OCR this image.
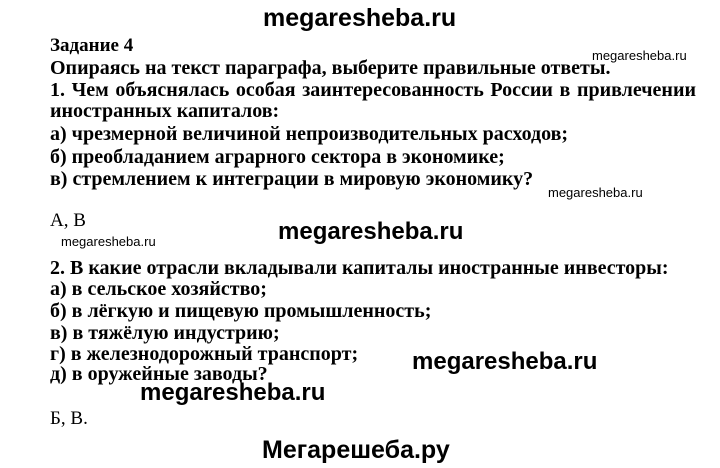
megaresheba.ru
Задание 4
Опираясь на текст параграфа, выберите правильные ответы.
1. Чем объяснялась особая заинтересованность России в привлечении
иностранных капиталов:
а) чрезмерной величиной непроизводительных расходов;
б) преобладанием аграрного сектора в экономике;
в) стремлением к интеграции в мировую экономику?
А, В
2. В какие отрасли вкладывали капиталы иностранные инвесторы:
а) в сельское хозяйство;
б) в лёгкую и пищевую промышленность;
в) в тяжёлую индустрию;
г) в железнодорожный транспорт;
д) в оружейные заводы?
Б, В.
megaresheba.ru
megaresheba.ru
megaresheba.ru	megaresheba.ru
megaresheba.ru
megaresheba.ru
Мегарешеба.ру
